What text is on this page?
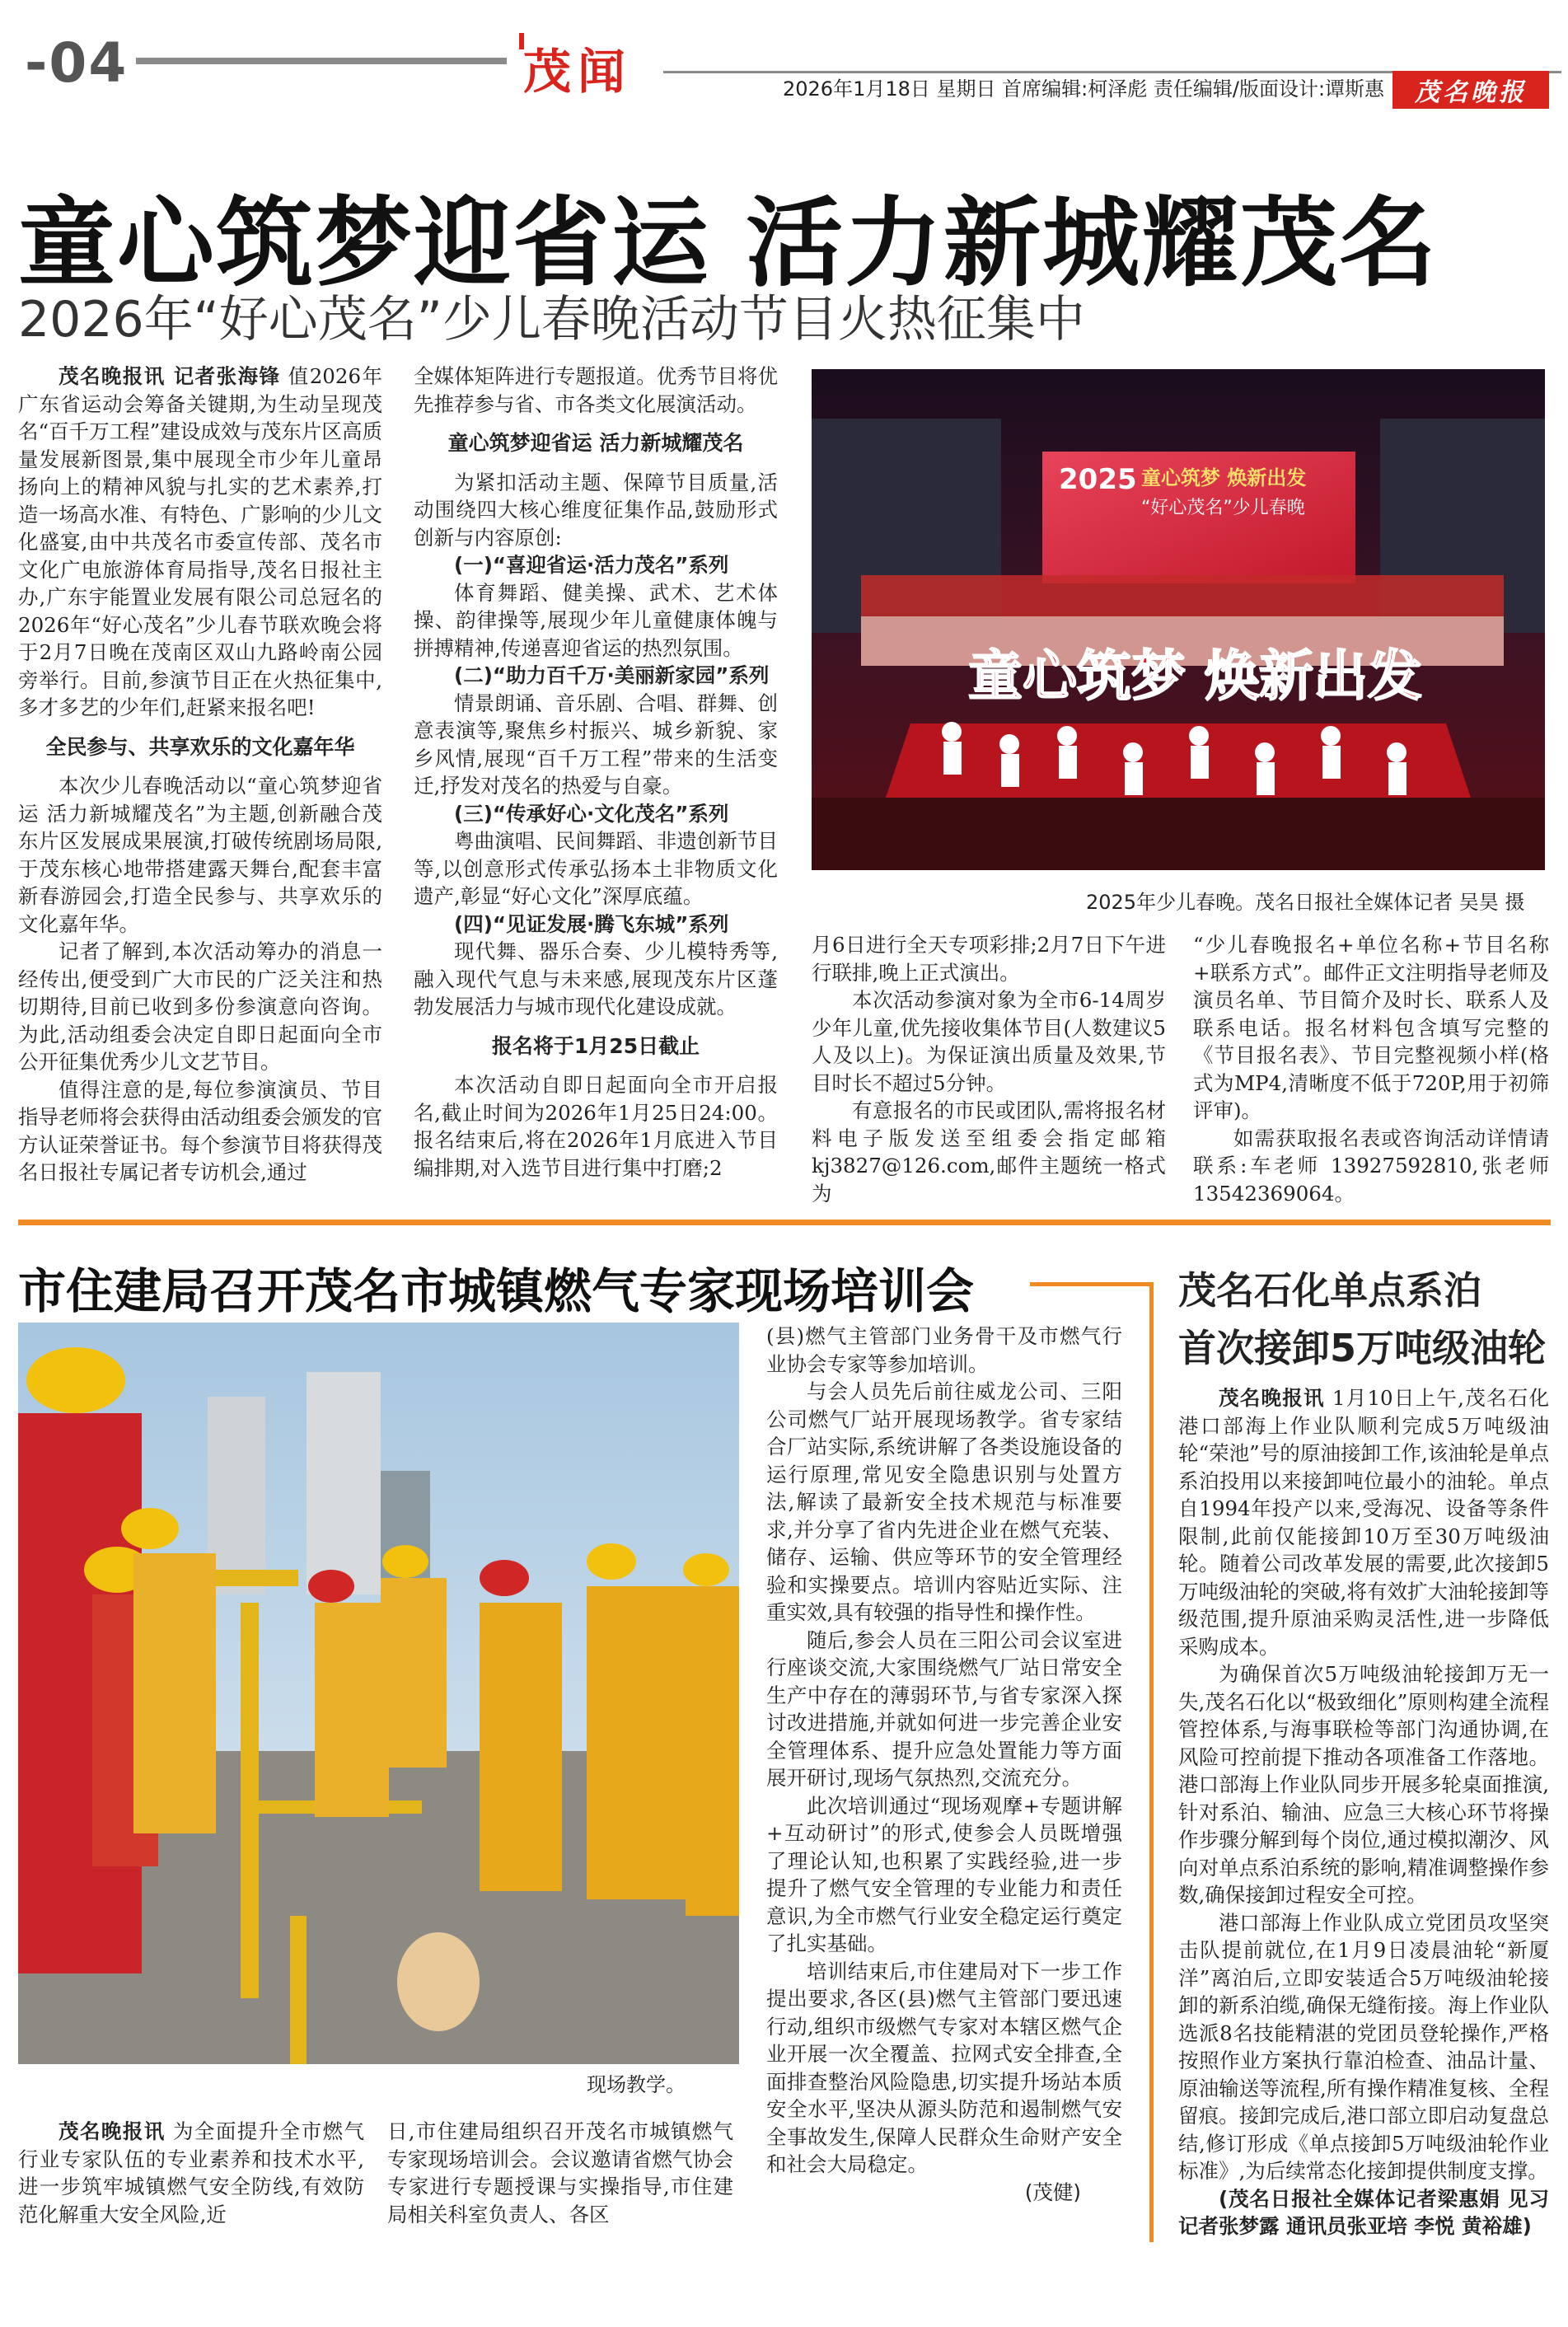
-04	茂闻	2026年1月18日 星期日 首席编辑:柯泽彪 责任编辑/版面设计:谭斯惠	茂名晚报
童心筑梦迎省运 活力新城耀茂名
2026年“好心茂名”少儿春晚活动节目火热征集中

茂名晚报讯 记者张海锋 值2026年广东省运动会筹备关键期,为生动呈现茂名“百千万工程”建设成效与茂东片区高质量发展新图景,集中展现全市少年儿童昂扬向上的精神风貌与扎实的艺术素养,打造一场高水准、有特色、广影响的少儿文化盛宴,由中共茂名市委宣传部、茂名市文化广电旅游体育局指导,茂名日报社主办,广东宇能置业发展有限公司总冠名的2026年“好心茂名”少儿春节联欢晚会将于2月7日晚在茂南区双山九路岭南公园旁举行。目前,参演节目正在火热征集中,多才多艺的少年们,赶紧来报名吧!

全民参与、共享欢乐的文化嘉年华

本次少儿春晚活动以“童心筑梦迎省运 活力新城耀茂名”为主题,创新融合茂东片区发展成果展演,打破传统剧场局限,于茂东核心地带搭建露天舞台,配套丰富新春游园会,打造全民参与、共享欢乐的文化嘉年华。

记者了解到,本次活动筹办的消息一经传出,便受到广大市民的广泛关注和热切期待,目前已收到多份参演意向咨询。为此,活动组委会决定自即日起面向全市公开征集优秀少儿文艺节目。

值得注意的是,每位参演演员、节目指导老师将会获得由活动组委会颁发的官方认证荣誉证书。每个参演节目将获得茂名日报社专属记者专访机会,通过

全媒体矩阵进行专题报道。优秀节目将优先推荐参与省、市各类文化展演活动。

童心筑梦迎省运 活力新城耀茂名

为紧扣活动主题、保障节目质量,活动围绕四大核心维度征集作品,鼓励形式创新与内容原创:

(一)“喜迎省运·活力茂名”系列

体育舞蹈、健美操、武术、艺术体操、韵律操等,展现少年儿童健康体魄与拼搏精神,传递喜迎省运的热烈氛围。

(二)“助力百千万·美丽新家园”系列

情景朗诵、音乐剧、合唱、群舞、创意表演等,聚焦乡村振兴、城乡新貌、家乡风情,展现“百千万工程”带来的生活变迁,抒发对茂名的热爱与自豪。

(三)“传承好心·文化茂名”系列

粤曲演唱、民间舞蹈、非遗创新节目等,以创意形式传承弘扬本土非物质文化遗产,彰显“好心文化”深厚底蕴。

(四)“见证发展·腾飞东城”系列

现代舞、器乐合奏、少儿模特秀等,融入现代气息与未来感,展现茂东片区蓬勃发展活力与城市现代化建设成就。

报名将于1月25日截止

本次活动自即日起面向全市开启报名,截止时间为2026年1月25日24:00。报名结束后,将在2026年1月底进入节目编排期,对入选节目进行集中打磨;2

2025 童心筑梦 焕新出发
“好心茂名”少儿春晚
童心筑梦 焕新出发
2025年少儿春晚。茂名日报社全媒体记者 吴昊 摄

月6日进行全天专项彩排;2月7日下午进行联排,晚上正式演出。

本次活动参演对象为全市6-14周岁少年儿童,优先接收集体节目(人数建议5人及以上)。为保证演出质量及效果,节目时长不超过5分钟。

有意报名的市民或团队,需将报名材料电子版发送至组委会指定邮箱kj3827@126.com,邮件主题统一格式为

“少儿春晚报名+单位名称+节目名称+联系方式”。邮件正文注明指导老师及演员名单、节目简介及时长、联系人及联系电话。报名材料包含填写完整的《节目报名表》、节目完整视频小样(格式为MP4,清晰度不低于720P,用于初筛评审)。

如需获取报名表或咨询活动详情请联系:车老师 13927592810,张老师13542369064。

市住建局召开茂名市城镇燃气专家现场培训会
现场教学。

茂名晚报讯 为全面提升全市燃气行业专家队伍的专业素养和技术水平,进一步筑牢城镇燃气安全防线,有效防范化解重大安全风险,近

日,市住建局组织召开茂名市城镇燃气专家现场培训会。会议邀请省燃气协会专家进行专题授课与实操指导,市住建局相关科室负责人、各区

(县)燃气主管部门业务骨干及市燃气行业协会专家等参加培训。

与会人员先后前往威龙公司、三阳公司燃气厂站开展现场教学。省专家结合厂站实际,系统讲解了各类设施设备的运行原理,常见安全隐患识别与处置方法,解读了最新安全技术规范与标准要求,并分享了省内先进企业在燃气充装、储存、运输、供应等环节的安全管理经验和实操要点。培训内容贴近实际、注重实效,具有较强的指导性和操作性。

随后,参会人员在三阳公司会议室进行座谈交流,大家围绕燃气厂站日常安全生产中存在的薄弱环节,与省专家深入探讨改进措施,并就如何进一步完善企业安全管理体系、提升应急处置能力等方面展开研讨,现场气氛热烈,交流充分。

此次培训通过“现场观摩+专题讲解+互动研讨”的形式,使参会人员既增强了理论认知,也积累了实践经验,进一步提升了燃气安全管理的专业能力和责任意识,为全市燃气行业安全稳定运行奠定了扎实基础。

培训结束后,市住建局对下一步工作提出要求,各区(县)燃气主管部门要迅速行动,组织市级燃气专家对本辖区燃气企业开展一次全覆盖、拉网式安全排查,全面排查整治风险隐患,切实提升场站本质安全水平,坚决从源头防范和遏制燃气安全事故发生,保障人民群众生命财产安全和社会大局稳定。

(茂健)

茂名石化单点系泊
首次接卸5万吨级油轮

茂名晚报讯 1月10日上午,茂名石化港口部海上作业队顺利完成5万吨级油轮“荣池”号的原油接卸工作,该油轮是单点系泊投用以来接卸吨位最小的油轮。单点自1994年投产以来,受海况、设备等条件限制,此前仅能接卸10万至30万吨级油轮。随着公司改革发展的需要,此次接卸5万吨级油轮的突破,将有效扩大油轮接卸等级范围,提升原油采购灵活性,进一步降低采购成本。

为确保首次5万吨级油轮接卸万无一失,茂名石化以“极致细化”原则构建全流程管控体系,与海事联检等部门沟通协调,在风险可控前提下推动各项准备工作落地。港口部海上作业队同步开展多轮桌面推演,针对系泊、输油、应急三大核心环节将操作步骤分解到每个岗位,通过模拟潮汐、风向对单点系泊系统的影响,精准调整操作参数,确保接卸过程安全可控。

港口部海上作业队成立党团员攻坚突击队提前就位,在1月9日凌晨油轮“新厦洋”离泊后,立即安装适合5万吨级油轮接卸的新系泊缆,确保无缝衔接。海上作业队选派8名技能精湛的党团员登轮操作,严格按照作业方案执行靠泊检查、油品计量、原油输送等流程,所有操作精准复核、全程留痕。接卸完成后,港口部立即启动复盘总结,修订形成《单点接卸5万吨级油轮作业标准》,为后续常态化接卸提供制度支撑。

(茂名日报社全媒体记者梁惠娟 见习记者张梦露 通讯员张亚培 李悦 黄裕雄)
